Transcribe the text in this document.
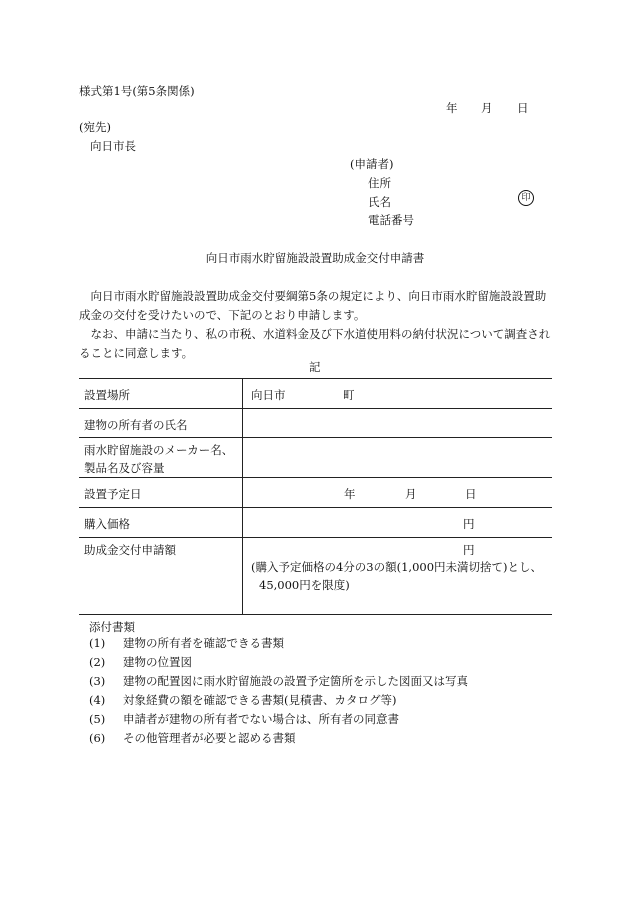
様式第1号(第5条関係)
年 月 日
(宛先)
向日市長
(申請者)
住所
氏名	印
電話番号
向日市雨水貯留施設設置助成金交付申請書
向日市雨水貯留施設設置助成金交付要綱第5条の規定により、向日市雨水貯留施設設置助成金の交付を受けたいので、下記のとおり申請します。
なお、申請に当たり、私の市税、水道料金及び下水道使用料の納付状況について調査されることに同意します。
記
設置場所	向日市 町

建物の所有者の氏名	

雨水貯留施設のメーカー名、
製品名及び容量	

設置予定日	年 月 日

購入価格	円

助成金交付申請額	円
(購入予定価格の4分の3の額(1,000円未満切捨て)とし、
45,000円を限度)
添付書類
(1) 建物の所有者を確認できる書類
(2) 建物の位置図
(3) 建物の配置図に雨水貯留施設の設置予定箇所を示した図面又は写真
(4) 対象経費の額を確認できる書類(見積書、カタログ等)
(5) 申請者が建物の所有者でない場合は、所有者の同意書
(6) その他管理者が必要と認める書類
